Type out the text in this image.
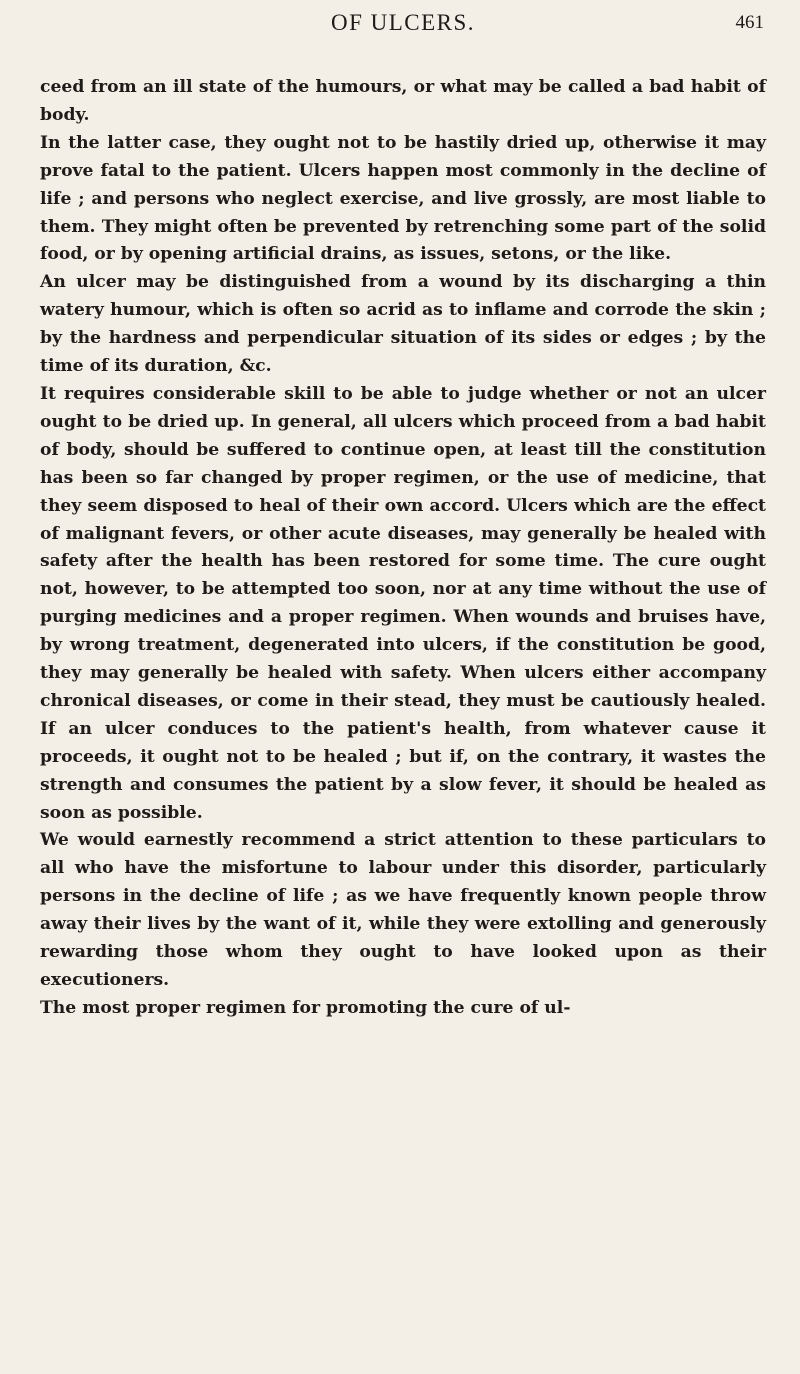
OF ULCERS.	461

ceed from an ill state of the humours, or what may be called a bad habit of body.

In the latter case, they ought not to be hastily dried up, otherwise it may prove fatal to the patient. Ulcers happen most commonly in the decline of life ; and persons who neglect exercise, and live grossly, are most liable to them. They might often be prevented by retrenching some part of the solid food, or by opening artificial drains, as issues, setons, or the like.

An ulcer may be distinguished from a wound by its discharging a thin watery humour, which is often so acrid as to inflame and corrode the skin ; by the hardness and perpendicular situation of its sides or edges ; by the time of its duration, &c.

It requires considerable skill to be able to judge whether or not an ulcer ought to be dried up. In general, all ulcers which proceed from a bad habit of body, should be suffered to continue open, at least till the constitution has been so far changed by proper regimen, or the use of medicine, that they seem disposed to heal of their own accord. Ulcers which are the effect of malignant fevers, or other acute diseases, may generally be healed with safety after the health has been restored for some time. The cure ought not, however, to be attempted too soon, nor at any time without the use of purging medicines and a proper regimen. When wounds and bruises have, by wrong treatment, degenerated into ulcers, if the constitution be good, they may generally be healed with safety. When ulcers either accompany chronical diseases, or come in their stead, they must be cautiously healed. If an ulcer conduces to the patient's health, from whatever cause it proceeds, it ought not to be healed ; but if, on the contrary, it wastes the strength and consumes the patient by a slow fever, it should be healed as soon as possible.

We would earnestly recommend a strict attention to these particulars to all who have the misfortune to labour under this disorder, particularly persons in the decline of life ; as we have frequently known people throw away their lives by the want of it, while they were extolling and generously rewarding those whom they ought to have looked upon as their executioners.

The most proper regimen for promoting the cure of ul-
